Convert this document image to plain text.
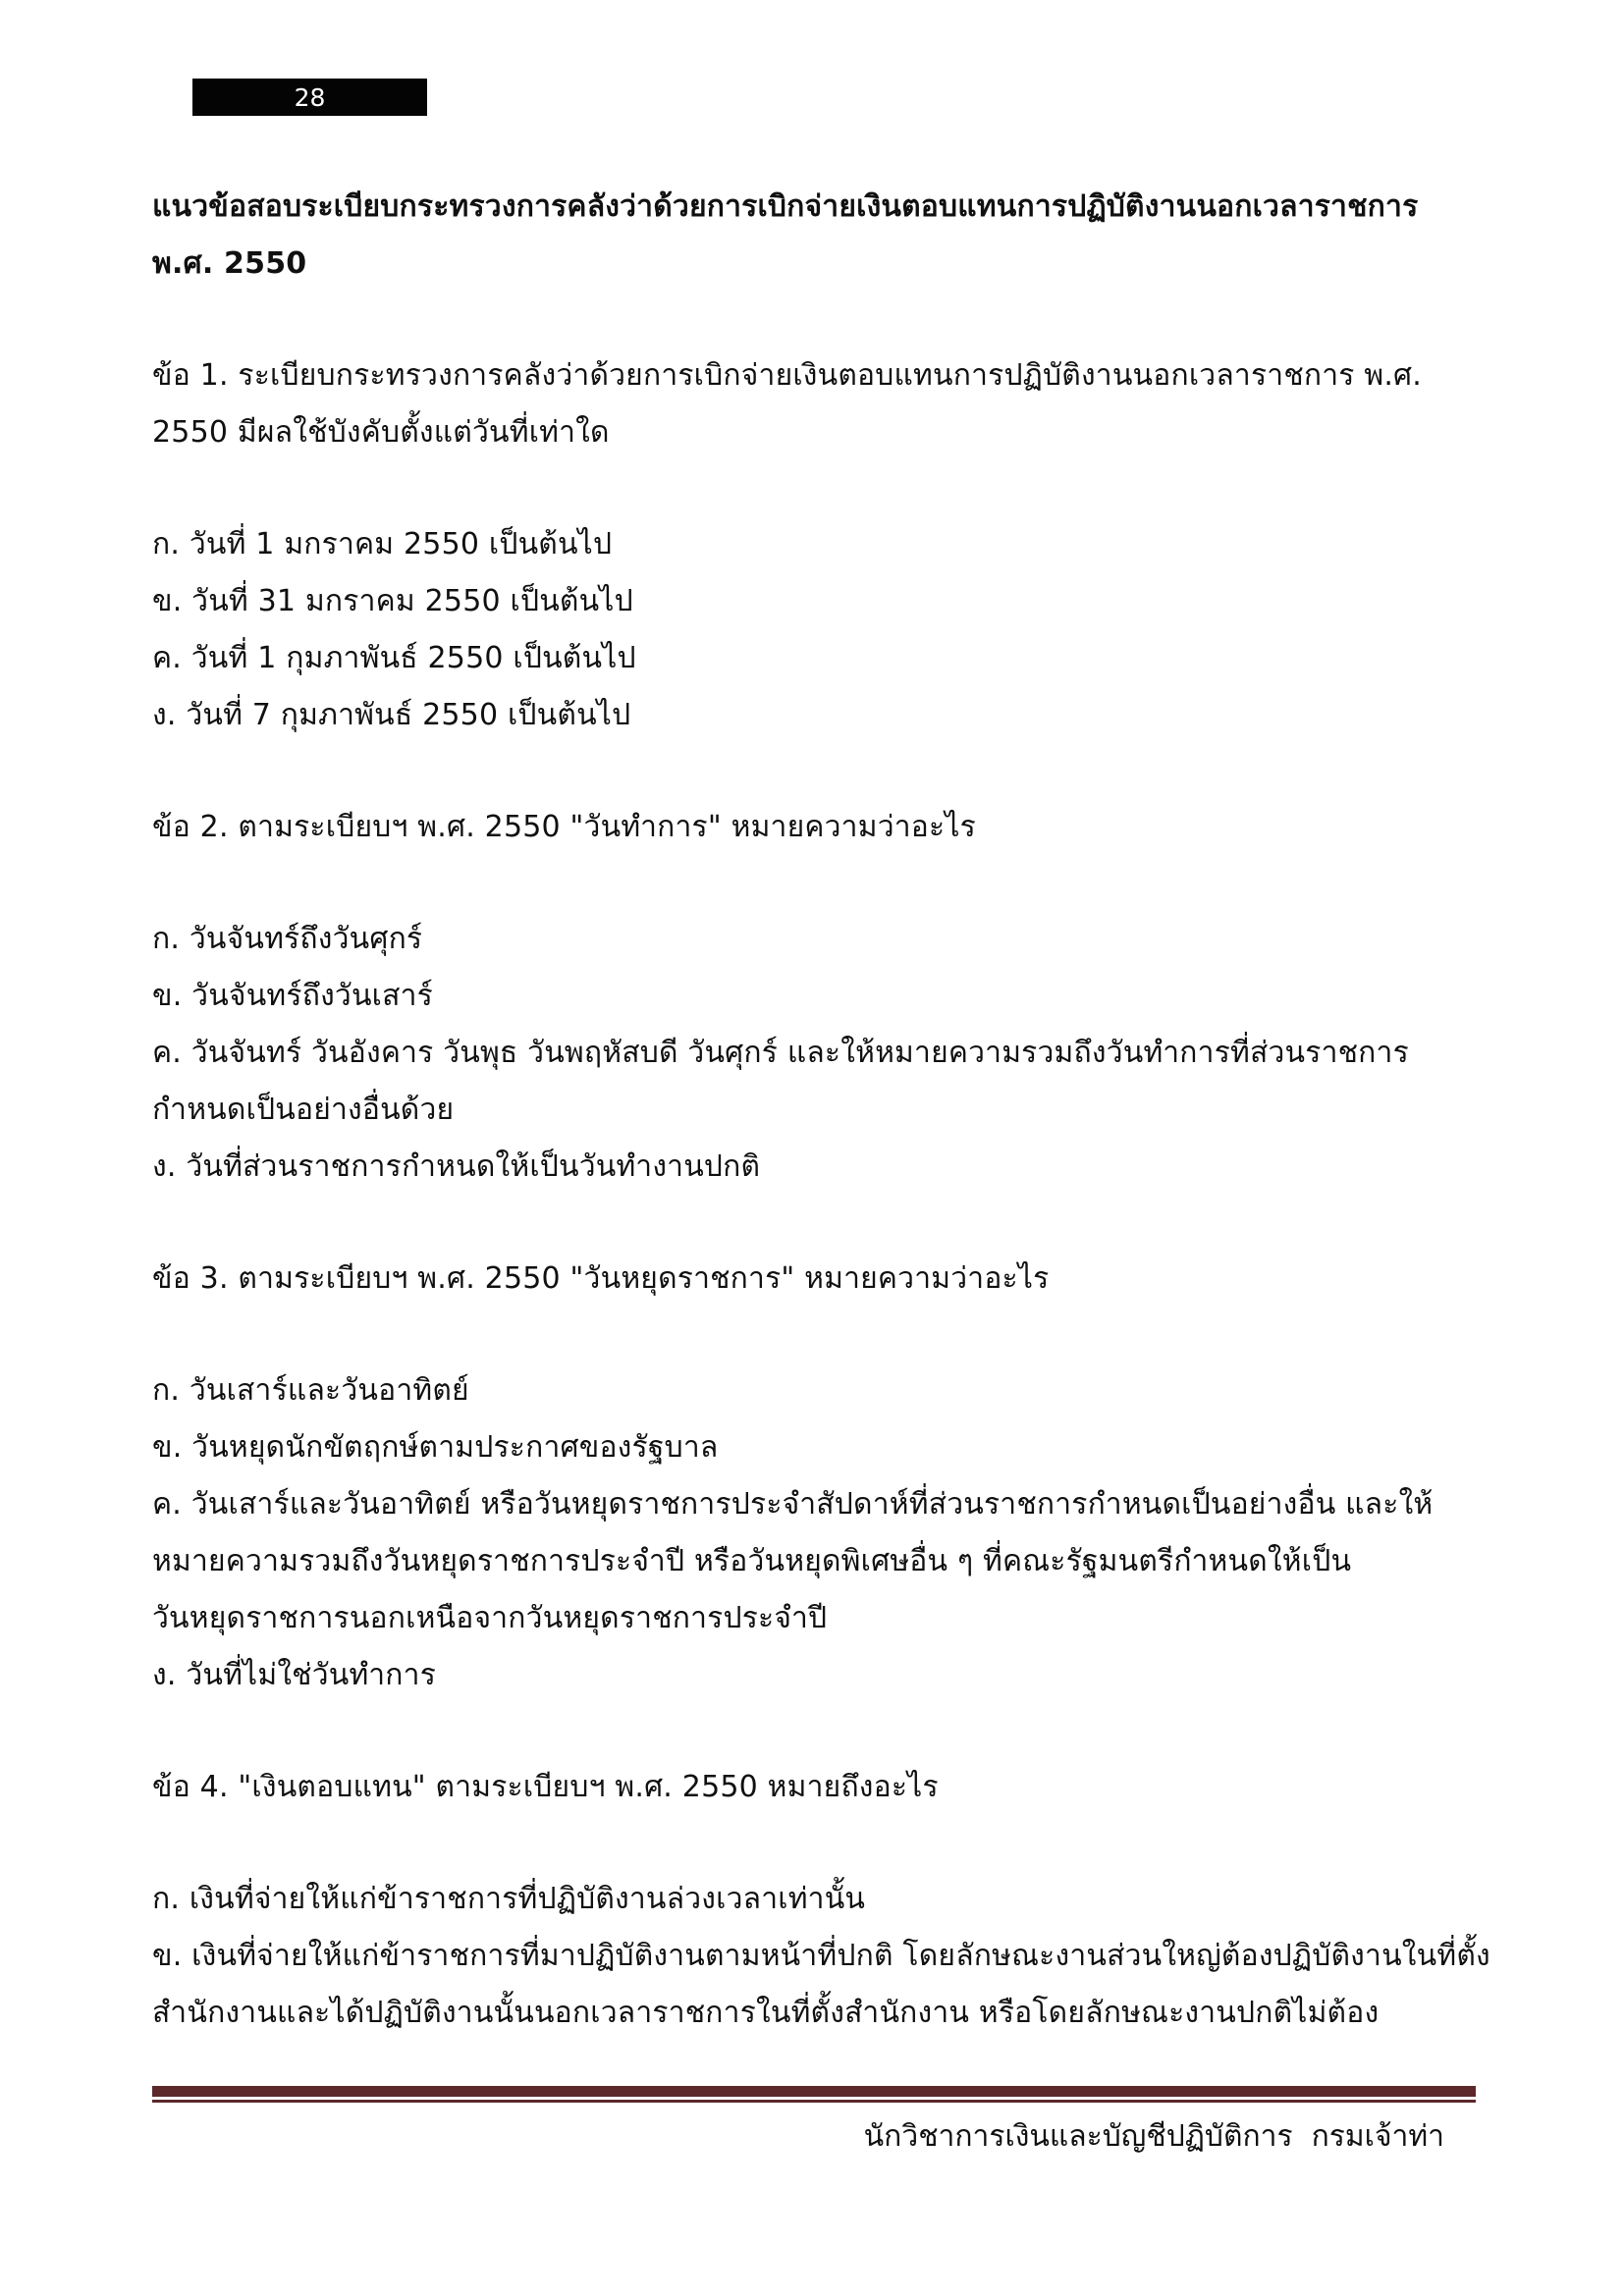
28
แนวข้อสอบระเบียบกระทรวงการคลังว่าด้วยการเบิกจ่ายเงินตอบแทนการปฏิบัติงานนอกเวลาราชการ
พ.ศ. 2550
ข้อ 1. ระเบียบกระทรวงการคลังว่าด้วยการเบิกจ่ายเงินตอบแทนการปฏิบัติงานนอกเวลาราชการ พ.ศ.
2550 มีผลใช้บังคับตั้งแต่วันที่เท่าใด
ก. วันที่ 1 มกราคม 2550 เป็นต้นไป
ข. วันที่ 31 มกราคม 2550 เป็นต้นไป
ค. วันที่ 1 กุมภาพันธ์ 2550 เป็นต้นไป
ง. วันที่ 7 กุมภาพันธ์ 2550 เป็นต้นไป
ข้อ 2. ตามระเบียบฯ พ.ศ. 2550 "วันทำการ" หมายความว่าอะไร
ก. วันจันทร์ถึงวันศุกร์
ข. วันจันทร์ถึงวันเสาร์
ค. วันจันทร์ วันอังคาร วันพุธ วันพฤหัสบดี วันศุกร์ และให้หมายความรวมถึงวันทำการที่ส่วนราชการ
กำหนดเป็นอย่างอื่นด้วย
ง. วันที่ส่วนราชการกำหนดให้เป็นวันทำงานปกติ
ข้อ 3. ตามระเบียบฯ พ.ศ. 2550 "วันหยุดราชการ" หมายความว่าอะไร
ก. วันเสาร์และวันอาทิตย์
ข. วันหยุดนักขัตฤกษ์ตามประกาศของรัฐบาล
ค. วันเสาร์และวันอาทิตย์ หรือวันหยุดราชการประจำสัปดาห์ที่ส่วนราชการกำหนดเป็นอย่างอื่น และให้
หมายความรวมถึงวันหยุดราชการประจำปี หรือวันหยุดพิเศษอื่น ๆ ที่คณะรัฐมนตรีกำหนดให้เป็น
วันหยุดราชการนอกเหนือจากวันหยุดราชการประจำปี
ง. วันที่ไม่ใช่วันทำการ
ข้อ 4. "เงินตอบแทน" ตามระเบียบฯ พ.ศ. 2550 หมายถึงอะไร
ก. เงินที่จ่ายให้แก่ข้าราชการที่ปฏิบัติงานล่วงเวลาเท่านั้น
ข. เงินที่จ่ายให้แก่ข้าราชการที่มาปฏิบัติงานตามหน้าที่ปกติ โดยลักษณะงานส่วนใหญ่ต้องปฏิบัติงานในที่ตั้ง
สำนักงานและได้ปฏิบัติงานนั้นนอกเวลาราชการในที่ตั้งสำนักงาน หรือโดยลักษณะงานปกติไม่ต้อง
นักวิชาการเงินและบัญชีปฏิบัติการ  กรมเจ้าท่า
